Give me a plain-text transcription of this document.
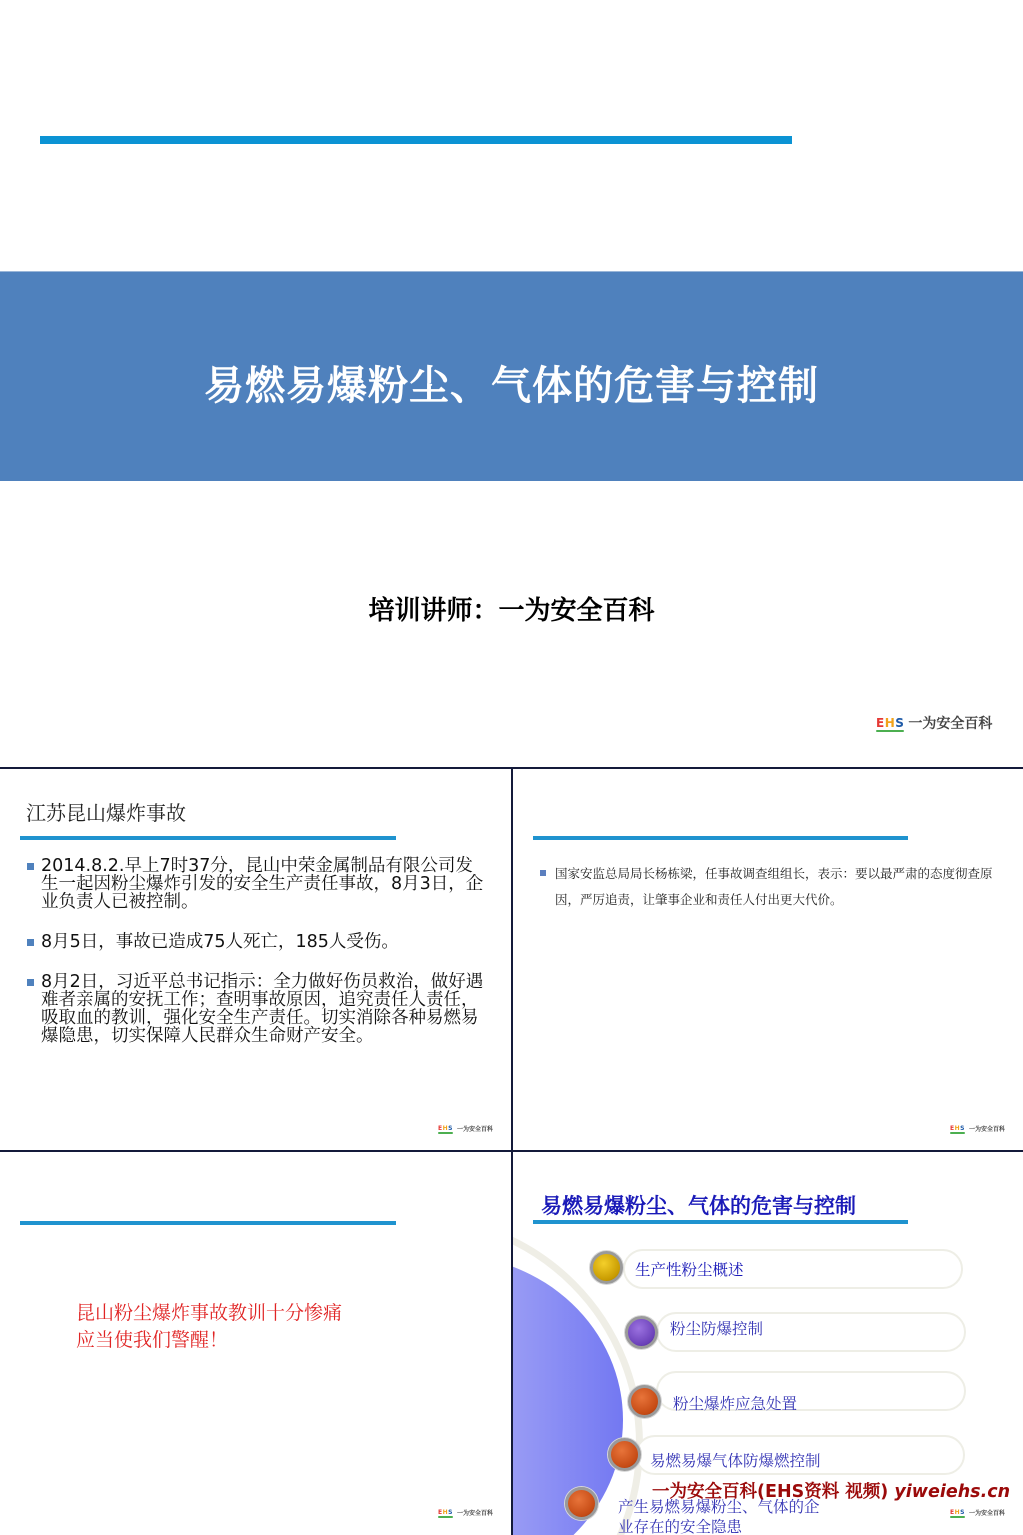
易燃易爆粉尘、气体的危害与控制
培训讲师：一为安全百科
EHS 一为安全百科
江苏昆山爆炸事故
2014.8.2.早上7时37分，昆山中荣金属制品有限公司发生一起因粉尘爆炸引发的安全生产责任事故，8月3日，企业负责人已被控制。
8月5日，事故已造成75人死亡，185人受伤。
8月2日，习近平总书记指示：全力做好伤员救治，做好遇难者亲属的安抚工作；查明事故原因，追究责任人责任，吸取血的教训，强化安全生产责任。切实消除各种易燃易爆隐患，切实保障人民群众生命财产安全。
EHS 一为安全百科
国家安监总局局长杨栋梁，任事故调查组组长，表示：要以最严肃的态度彻查原因，严厉追责，让肇事企业和责任人付出更大代价。
EHS 一为安全百科
昆山粉尘爆炸事故教训十分惨痛
应当使我们警醒！
EHS 一为安全百科
易燃易爆粉尘、气体的危害与控制
生产性粉尘概述
粉尘防爆控制
粉尘爆炸应急处置
易燃易爆气体防爆燃控制
产生易燃易爆粉尘、气体的企
业存在的安全隐患
EHS 一为安全百科
一为安全百科(EHS资料 视频) yiweiehs.cn
